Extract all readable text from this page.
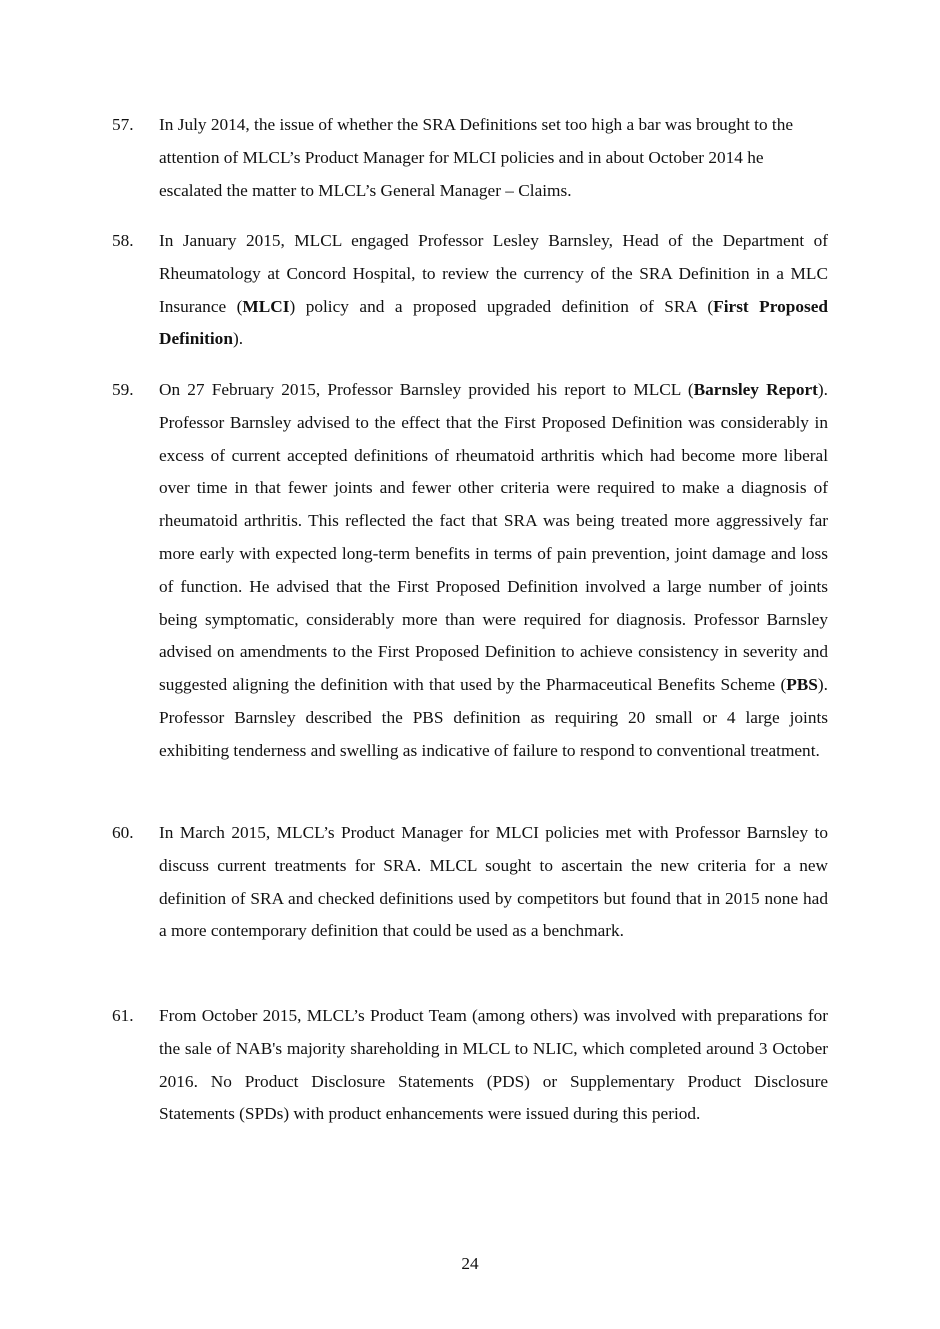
57.	In July 2014, the issue of whether the SRA Definitions set too high a bar was brought to the attention of MLCL’s Product Manager for MLCI policies and in about October 2014 he escalated the matter to MLCL’s General Manager – Claims.
58.	In January 2015, MLCL engaged Professor Lesley Barnsley, Head of the Department of Rheumatology at Concord Hospital, to review the currency of the SRA Definition in a MLC Insurance (MLCI) policy and a proposed upgraded definition of SRA (First Proposed Definition).
59.	On 27 February 2015, Professor Barnsley provided his report to MLCL (Barnsley Report). Professor Barnsley advised to the effect that the First Proposed Definition was considerably in excess of current accepted definitions of rheumatoid arthritis which had become more liberal over time in that fewer joints and fewer other criteria were required to make a diagnosis of rheumatoid arthritis. This reflected the fact that SRA was being treated more aggressively far more early with expected long-term benefits in terms of pain prevention, joint damage and loss of function. He advised that the First Proposed Definition involved a large number of joints being symptomatic, considerably more than were required for diagnosis. Professor Barnsley advised on amendments to the First Proposed Definition to achieve consistency in severity and suggested aligning the definition with that used by the Pharmaceutical Benefits Scheme (PBS). Professor Barnsley described the PBS definition as requiring 20 small or 4 large joints exhibiting tenderness and swelling as indicative of failure to respond to conventional treatment.
60.	In March 2015, MLCL’s Product Manager for MLCI policies met with Professor Barnsley to discuss current treatments for SRA. MLCL sought to ascertain the new criteria for a new definition of SRA and checked definitions used by competitors but found that in 2015 none had a more contemporary definition that could be used as a benchmark.
61.	From October 2015, MLCL’s Product Team (among others) was involved with preparations for the sale of NAB's majority shareholding in MLCL to NLIC, which completed around 3 October 2016. No Product Disclosure Statements (PDS) or Supplementary Product Disclosure Statements (SPDs) with product enhancements were issued during this period.
24
